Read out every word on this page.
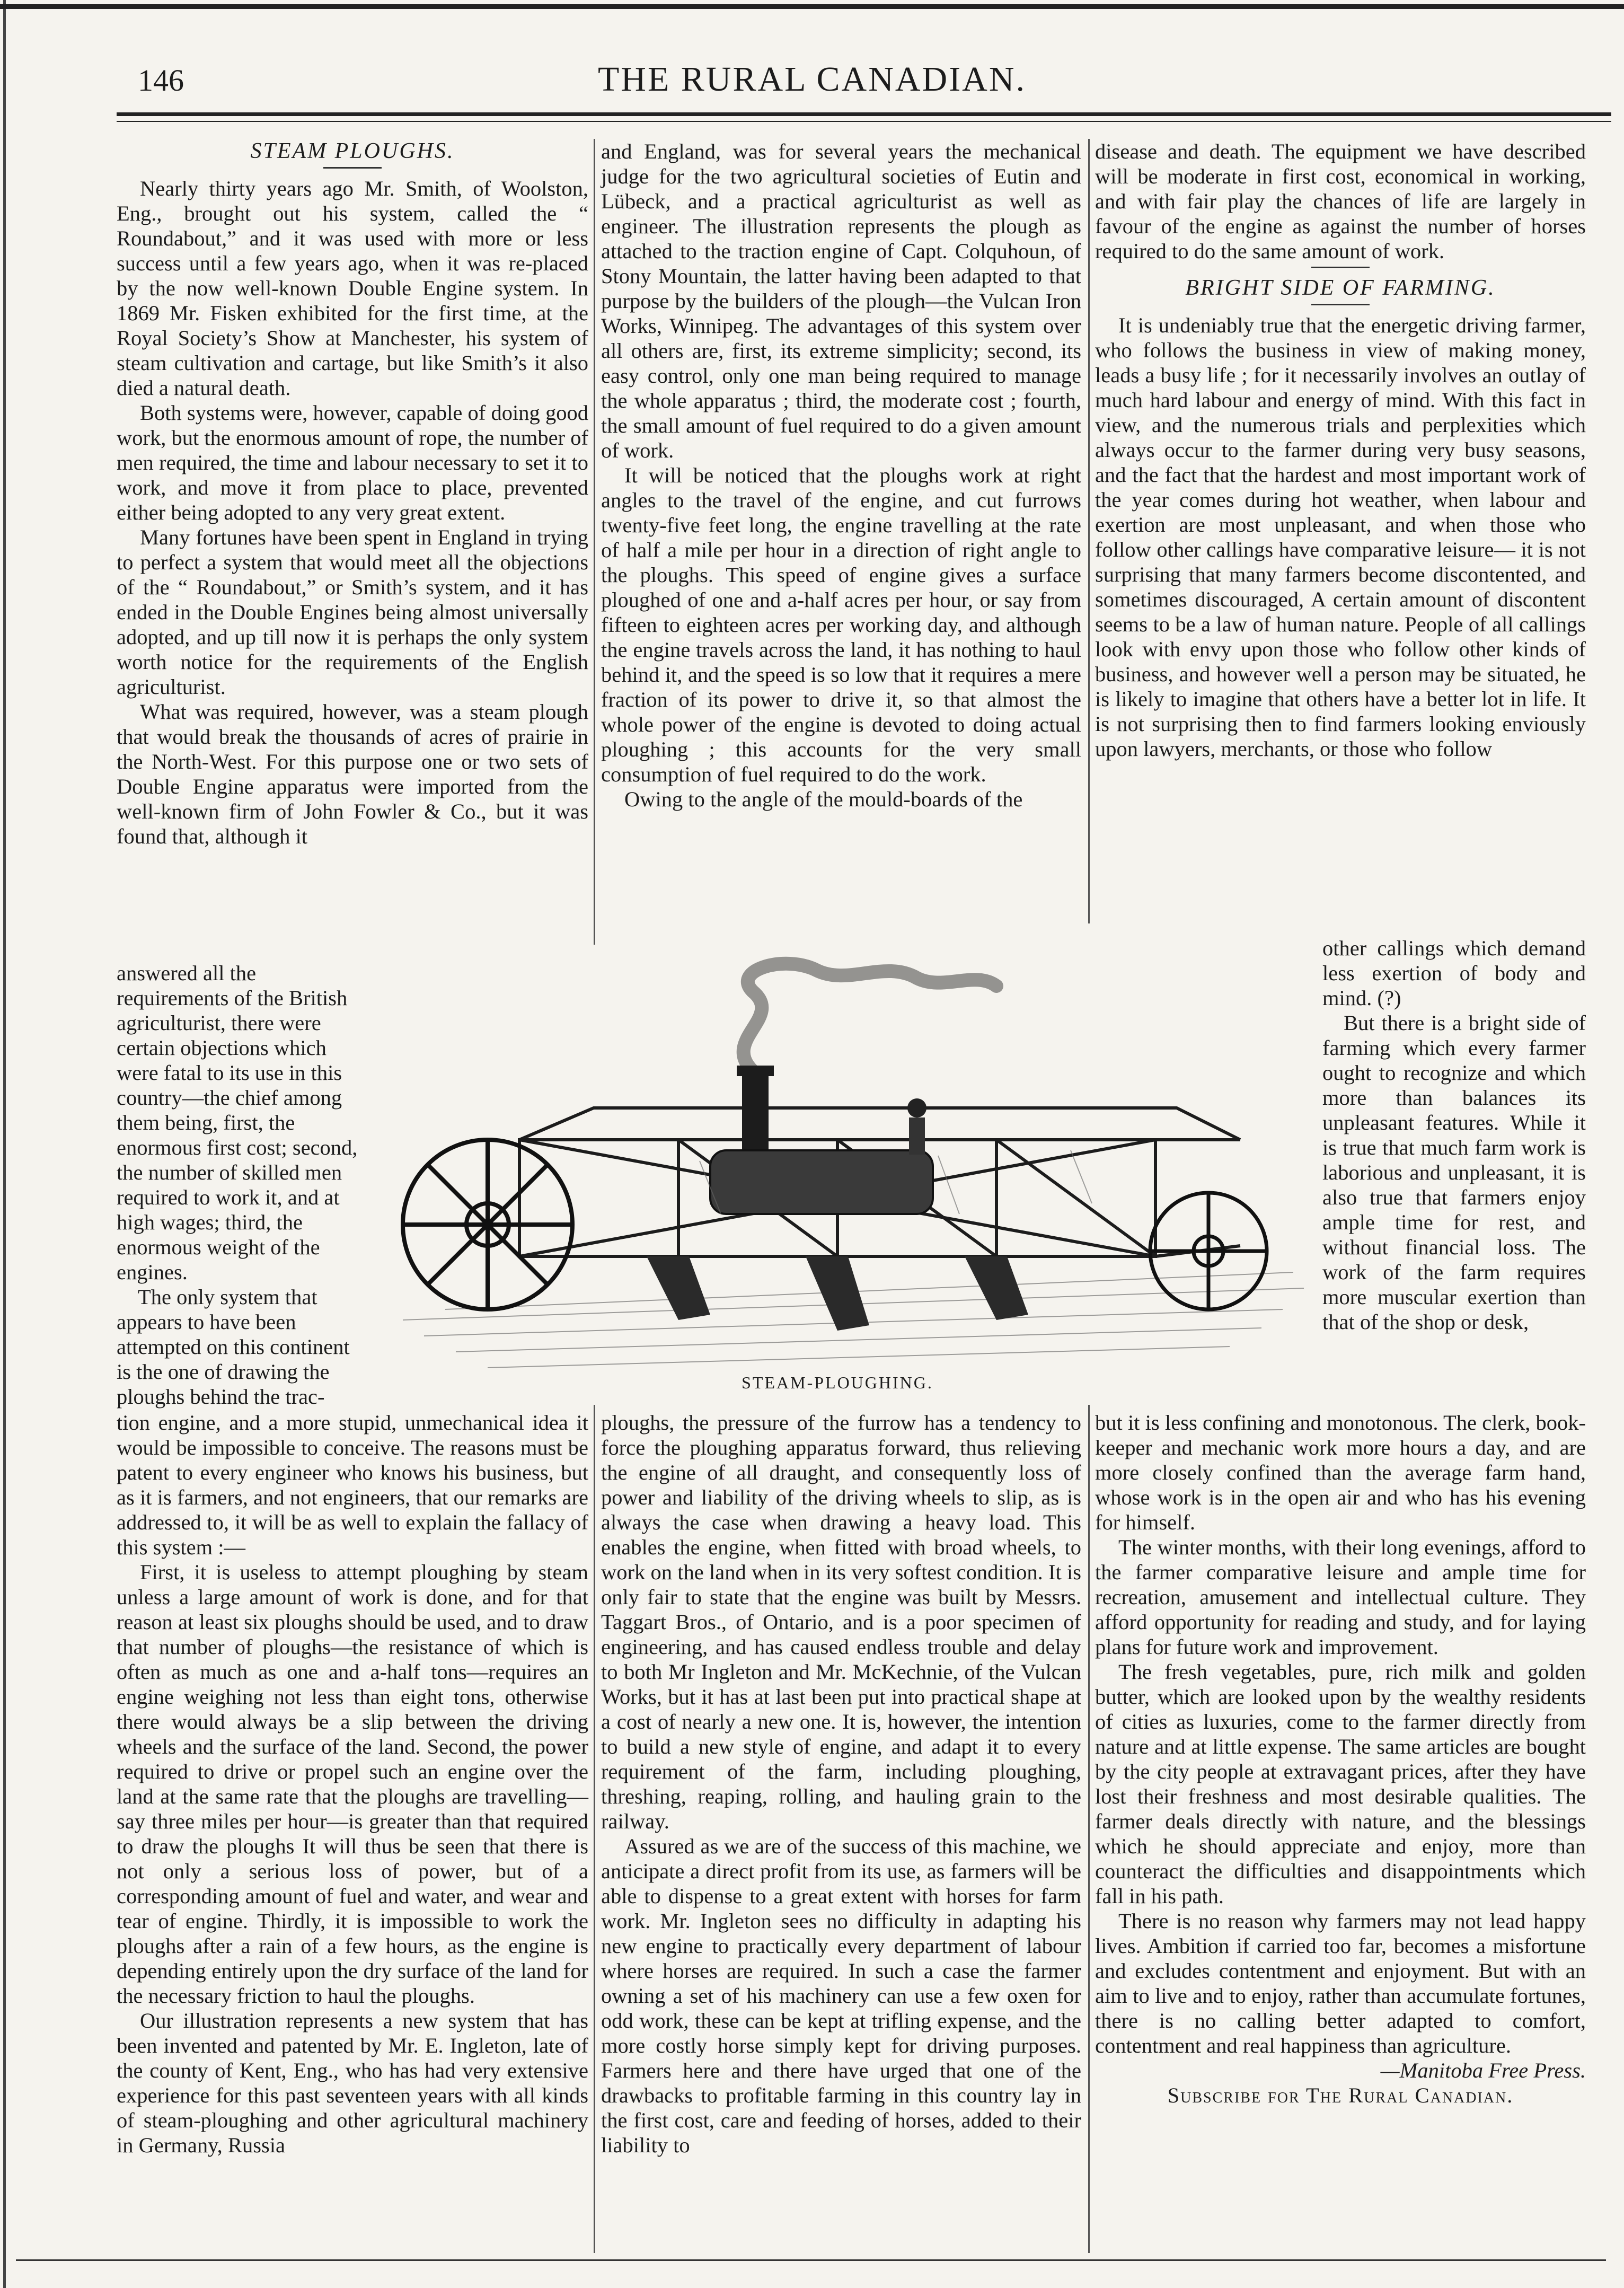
146	THE RURAL CANADIAN.

STEAM PLOUGHS.

Nearly thirty years ago Mr. Smith, of Woolston, Eng., brought out his system, called the “ Roundabout,” and it was used with more or less success until a few years ago, when it was re-placed by the now well-known Double Engine system. In 1869 Mr. Fisken exhibited for the first time, at the Royal Society’s Show at Manchester, his system of steam cultivation and cartage, but like Smith’s it also died a natural death.

Both systems were, however, capable of doing good work, but the enormous amount of rope, the number of men required, the time and labour necessary to set it to work, and move it from place to place, prevented either being adopted to any very great extent.

Many fortunes have been spent in England in trying to perfect a system that would meet all the objections of the “ Roundabout,” or Smith’s system, and it has ended in the Double Engines being almost universally adopted, and up till now it is perhaps the only system worth notice for the requirements of the English agriculturist.

What was required, however, was a steam plough that would break the thousands of acres of prairie in the North-West. For this purpose one or two sets of Double Engine apparatus were imported from the well-known firm of John Fowler & Co., but it was found that, although it

and England, was for several years the mechanical judge for the two agricultural societies of Eutin and Lübeck, and a practical agriculturist as well as engineer. The illustration represents the plough as attached to the traction engine of Capt. Colquhoun, of Stony Mountain, the latter having been adapted to that purpose by the builders of the plough—the Vulcan Iron Works, Winnipeg. The advantages of this system over all others are, first, its extreme simplicity; second, its easy control, only one man being required to manage the whole apparatus ; third, the moderate cost ; fourth, the small amount of fuel required to do a given amount of work.

It will be noticed that the ploughs work at right angles to the travel of the engine, and cut furrows twenty-five feet long, the engine travelling at the rate of half a mile per hour in a direction of right angle to the ploughs. This speed of engine gives a surface ploughed of one and a-half acres per hour, or say from fifteen to eighteen acres per working day, and although the engine travels across the land, it has nothing to haul behind it, and the speed is so low that it requires a mere fraction of its power to drive it, so that almost the whole power of the engine is devoted to doing actual ploughing ; this accounts for the very small consumption of fuel required to do the work.

Owing to the angle of the mould-boards of the

disease and death. The equipment we have described will be moderate in first cost, economical in working, and with fair play the chances of life are largely in favour of the engine as against the number of horses required to do the same amount of work.

BRIGHT SIDE OF FARMING.

It is undeniably true that the energetic driving farmer, who follows the business in view of making money, leads a busy life ; for it necessarily involves an outlay of much hard labour and energy of mind. With this fact in view, and the numerous trials and perplexities which always occur to the farmer during very busy seasons, and the fact that the hardest and most important work of the year comes during hot weather, when labour and exertion are most unpleasant, and when those who follow other callings have comparative leisure— it is not surprising that many farmers become discontented, and sometimes discouraged, A certain amount of discontent seems to be a law of human nature. People of all callings look with envy upon those who follow other kinds of business, and however well a person may be situated, he is likely to imagine that others have a better lot in life. It is not surprising then to find farmers looking enviously upon lawyers, merchants, or those who follow

answered all the requirements of the British agriculturist, there were certain objections which were fatal to its use in this country—the chief among them being, first, the enormous first cost; second, the number of skilled men required to work it, and at high wages; third, the enormous weight of the engines.

The only system that appears to have been attempted on this continent is the one of drawing the ploughs behind the trac-

other callings which demand less exertion of body and mind. (?)

But there is a bright side of farming which every farmer ought to recognize and which more than balances its unpleasant features. While it is true that much farm work is laborious and unpleasant, it is also true that farmers enjoy ample time for rest, and without financial loss. The work of the farm requires more muscular exertion than that of the shop or desk,

STEAM-PLOUGHING.

tion engine, and a more stupid, unmechanical idea it would be impossible to conceive. The reasons must be patent to every engineer who knows his business, but as it is farmers, and not engineers, that our remarks are addressed to, it will be as well to explain the fallacy of this system :—

First, it is useless to attempt ploughing by steam unless a large amount of work is done, and for that reason at least six ploughs should be used, and to draw that number of ploughs—the resistance of which is often as much as one and a-half tons—requires an engine weighing not less than eight tons, otherwise there would always be a slip between the driving wheels and the surface of the land. Second, the power required to drive or propel such an engine over the land at the same rate that the ploughs are travelling—say three miles per hour—is greater than that required to draw the ploughs It will thus be seen that there is not only a serious loss of power, but of a corresponding amount of fuel and water, and wear and tear of engine. Thirdly, it is impossible to work the ploughs after a rain of a few hours, as the engine is depending entirely upon the dry surface of the land for the necessary friction to haul the ploughs.

Our illustration represents a new system that has been invented and patented by Mr. E. Ingleton, late of the county of Kent, Eng., who has had very extensive experience for this past seventeen years with all kinds of steam-ploughing and other agricultural machinery in Germany, Russia

ploughs, the pressure of the furrow has a tendency to force the ploughing apparatus forward, thus relieving the engine of all draught, and consequently loss of power and liability of the driving wheels to slip, as is always the case when drawing a heavy load. This enables the engine, when fitted with broad wheels, to work on the land when in its very softest condition. It is only fair to state that the engine was built by Messrs. Taggart Bros., of Ontario, and is a poor specimen of engineering, and has caused endless trouble and delay to both Mr Ingleton and Mr. McKechnie, of the Vulcan Works, but it has at last been put into practical shape at a cost of nearly a new one. It is, however, the intention to build a new style of engine, and adapt it to every requirement of the farm, including ploughing, threshing, reaping, rolling, and hauling grain to the railway.

Assured as we are of the success of this machine, we anticipate a direct profit from its use, as farmers will be able to dispense to a great extent with horses for farm work. Mr. Ingleton sees no difficulty in adapting his new engine to practically every department of labour where horses are required. In such a case the farmer owning a set of his machinery can use a few oxen for odd work, these can be kept at trifling expense, and the more costly horse simply kept for driving purposes. Farmers here and there have urged that one of the drawbacks to profitable farming in this country lay in the first cost, care and feeding of horses, added to their liability to

but it is less confining and monotonous. The clerk, book-keeper and mechanic work more hours a day, and are more closely confined than the average farm hand, whose work is in the open air and who has his evening for himself.

The winter months, with their long evenings, afford to the farmer comparative leisure and ample time for recreation, amusement and intellectual culture. They afford opportunity for reading and study, and for laying plans for future work and improvement.

The fresh vegetables, pure, rich milk and golden butter, which are looked upon by the wealthy residents of cities as luxuries, come to the farmer directly from nature and at little expense. The same articles are bought by the city people at extravagant prices, after they have lost their freshness and most desirable qualities. The farmer deals directly with nature, and the blessings which he should appreciate and enjoy, more than counteract the difficulties and disappointments which fall in his path.

There is no reason why farmers may not lead happy lives. Ambition if carried too far, becomes a misfortune and excludes contentment and enjoyment. But with an aim to live and to enjoy, rather than accumulate fortunes, there is no calling better adapted to comfort, contentment and real happiness than agriculture.

—Manitoba Free Press.

Subscribe for The Rural Canadian.
